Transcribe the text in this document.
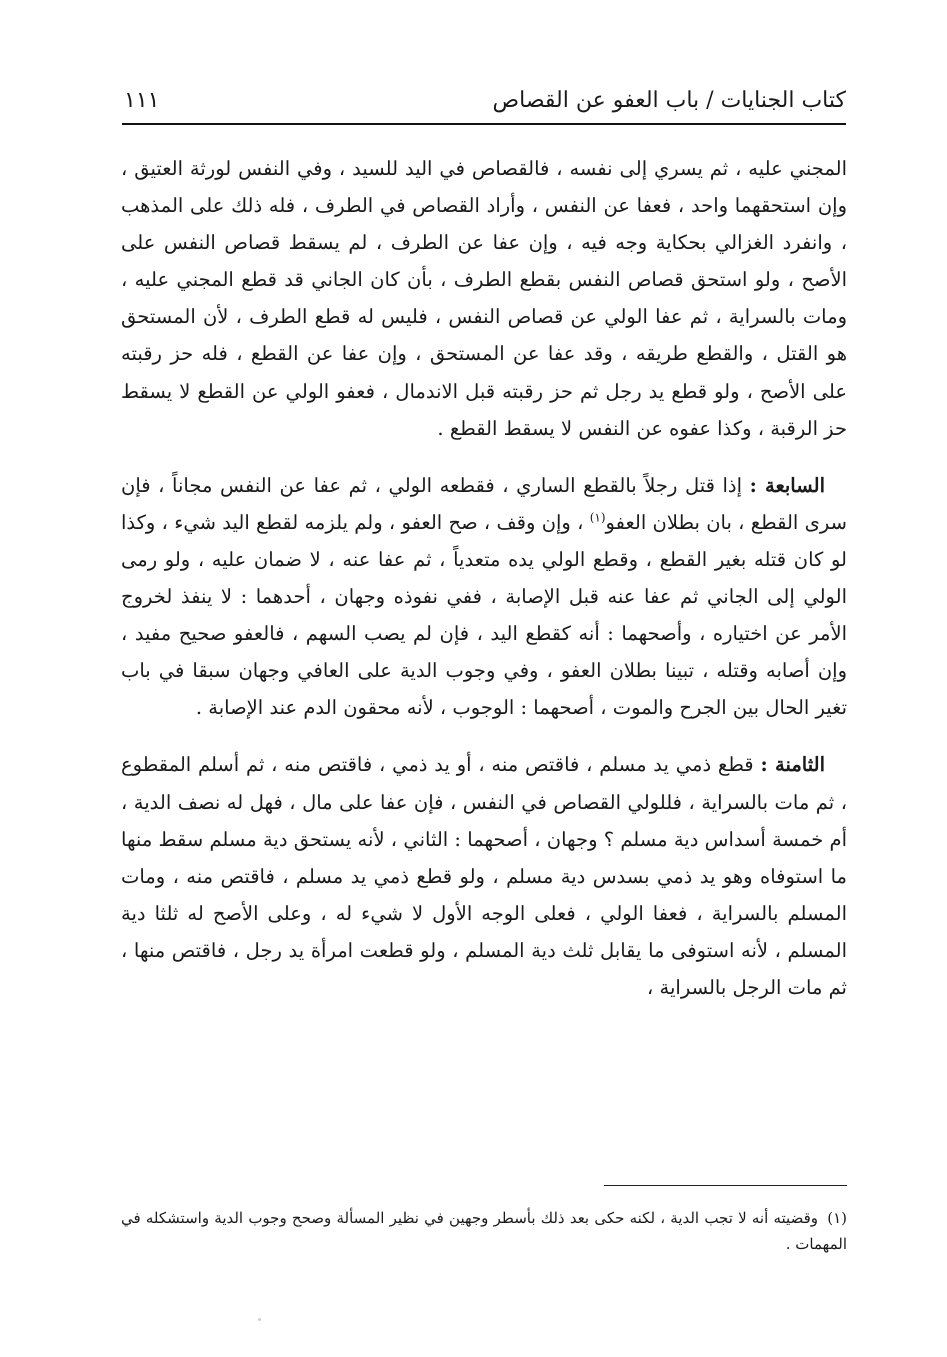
كتاب الجنايات / باب العفو عن القصاص
١١١

المجني عليه ، ثم يسري إلى نفسه ، فالقصاص في اليد للسيد ، وفي النفس لورثة العتيق ، وإن استحقهما واحد ، فعفا عن النفس ، وأراد القصاص في الطرف ، فله ذلك على المذهب ، وانفرد الغزالي بحكاية وجه فيه ، وإن عفا عن الطرف ، لم يسقط قصاص النفس على الأصح ، ولو استحق قصاص النفس بقطع الطرف ، بأن كان الجاني قد قطع المجني عليه ، ومات بالسراية ، ثم عفا الولي عن قصاص النفس ، فليس له قطع الطرف ، لأن المستحق هو القتل ، والقطع طريقه ، وقد عفا عن المستحق ، وإن عفا عن القطع ، فله حز رقبته على الأصح ، ولو قطع يد رجل ثم حز رقبته قبل الاندمال ، فعفو الولي عن القطع لا يسقط حز الرقبة ، وكذا عفوه عن النفس لا يسقط القطع .

السابعة : إذا قتل رجلاً بالقطع الساري ، فقطعه الولي ، ثم عفا عن النفس مجاناً ، فإن سرى القطع ، بان بطلان العفو$^{(١)}$ ، وإن وقف ، صح العفو ، ولم يلزمه لقطع اليد شيء ، وكذا لو كان قتله بغير القطع ، وقطع الولي يده متعدياً ، ثم عفا عنه ، لا ضمان عليه ، ولو رمى الولي إلى الجاني ثم عفا عنه قبل الإصابة ، ففي نفوذه وجهان ، أحدهما : لا ينفذ لخروج الأمر عن اختياره ، وأصحهما : أنه كقطع اليد ، فإن لم يصب السهم ، فالعفو صحيح مفيد ، وإن أصابه وقتله ، تبينا بطلان العفو ، وفي وجوب الدية على العافي وجهان سبقا في باب تغير الحال بين الجرح والموت ، أصحهما : الوجوب ، لأنه محقون الدم عند الإصابة .

الثامنة : قطع ذمي يد مسلم ، فاقتص منه ، أو يد ذمي ، فاقتص منه ، ثم أسلم المقطوع ، ثم مات بالسراية ، فللولي القصاص في النفس ، فإن عفا على مال ، فهل له نصف الدية ، أم خمسة أسداس دية مسلم ؟ وجهان ، أصحهما : الثاني ، لأنه يستحق دية مسلم سقط منها ما استوفاه وهو يد ذمي بسدس دية مسلم ، ولو قطع ذمي يد مسلم ، فاقتص منه ، ومات المسلم بالسراية ، فعفا الولي ، فعلى الوجه الأول لا شيء له ، وعلى الأصح له ثلثا دية المسلم ، لأنه استوفى ما يقابل ثلث دية المسلم ، ولو قطعت امرأة يد رجل ، فاقتص منها ، ثم مات الرجل بالسراية ،

(١) وقضيته أنه لا تجب الدية ، لكنه حكى بعد ذلك بأسطر وجهين في نظير المسألة وصحح وجوب الدية واستشكله في المهمات .
